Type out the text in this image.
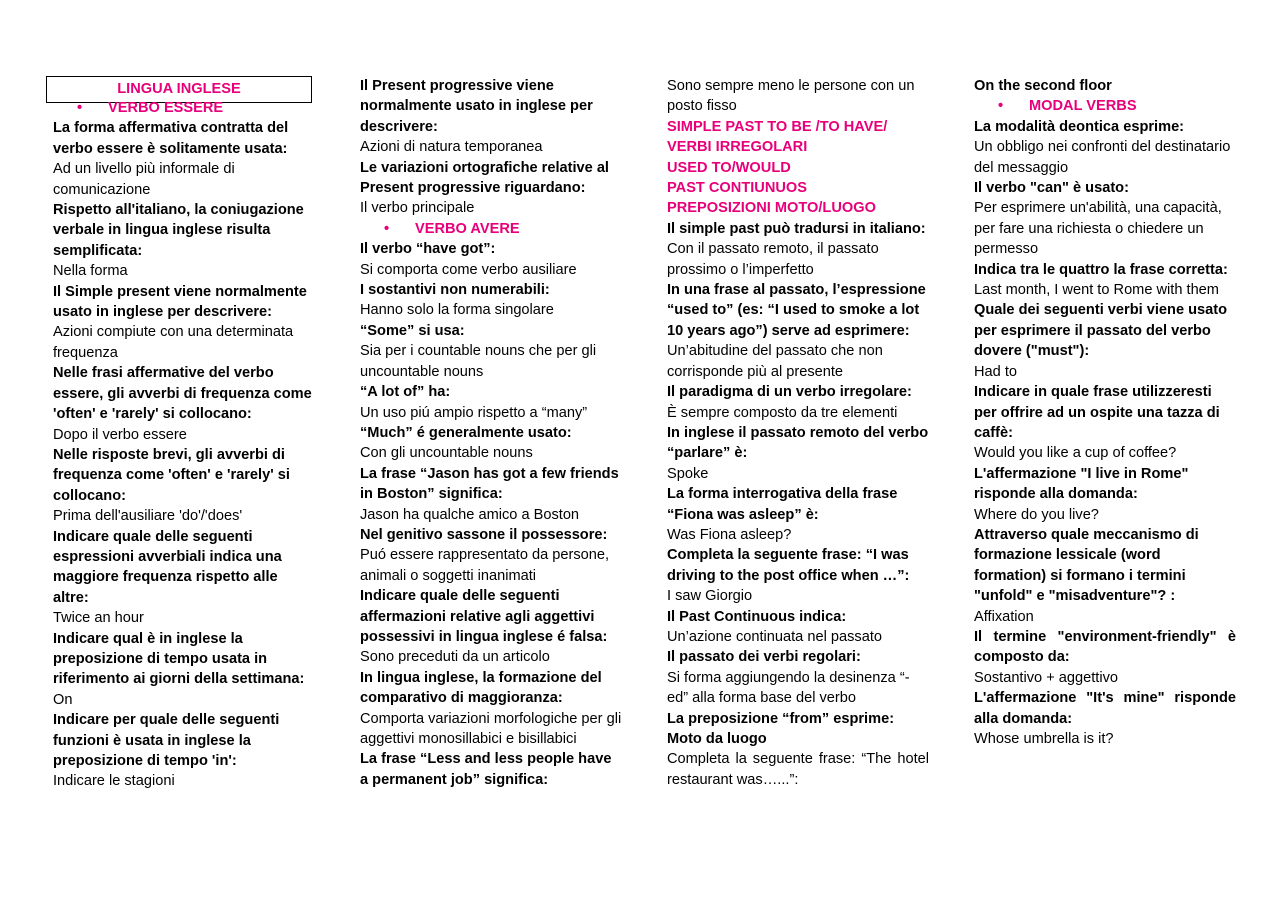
LINGUA INGLESE

• VERBO ESSERE

La forma affermativa contratta del verbo essere è solitamente usata:

Ad un livello più informale di comunicazione

Rispetto all'italiano, la coniugazione verbale in lingua inglese risulta semplificata:

Nella forma

Il Simple present viene normalmente usato in inglese per descrivere:

Azioni compiute con una determinata frequenza

Nelle frasi affermative del verbo essere, gli avverbi di frequenza come 'often' e 'rarely' si collocano:

Dopo il verbo essere

Nelle risposte brevi, gli avverbi di frequenza come 'often' e 'rarely' si collocano:

Prima dell'ausiliare 'do'/'does'

Indicare quale delle seguenti espressioni avverbiali indica una maggiore frequenza rispetto alle altre:

Twice an hour

Indicare qual è in inglese la preposizione di tempo usata in riferimento ai giorni della settimana:

On

Indicare per quale delle seguenti funzioni è usata in inglese la preposizione di tempo 'in':

Indicare le stagioni

Il Present progressive viene normalmente usato in inglese per descrivere:

Azioni di natura temporanea

Le variazioni ortografiche relative al Present progressive riguardano:

Il verbo principale

• VERBO AVERE

Il verbo “have got”:

Si comporta come verbo ausiliare

I sostantivi non numerabili:

Hanno solo la forma singolare

“Some” si usa:

Sia per i countable nouns che per gli uncountable nouns

“A lot of” ha:

Un uso piú ampio rispetto a “many”

“Much” é generalmente usato:

Con gli uncountable nouns

La frase “Jason has got a few friends in Boston” significa:

Jason ha qualche amico a Boston

Nel genitivo sassone il possessore:

Puó essere rappresentato da persone, animali o soggetti inanimati

Indicare quale delle seguenti affermazioni relative agli aggettivi possessivi in lingua inglese é falsa:

Sono preceduti da un articolo

In lingua inglese, la formazione del comparativo di maggioranza:

Comporta variazioni morfologiche per gli aggettivi monosillabici e bisillabici

La frase “Less and less people have a permanent job” significa:

Sono sempre meno le persone con un posto fisso

SIMPLE PAST TO BE /TO HAVE/

VERBI IRREGOLARI

USED TO/WOULD

PAST CONTIUNUOS

PREPOSIZIONI MOTO/LUOGO

Il simple past può tradursi in italiano:

Con il passato remoto, il passato prossimo o l’imperfetto

In una frase al passato, l’espressione “used to” (es: “I used to smoke a lot 10 years ago”) serve ad esprimere:

Un’abitudine del passato che non corrisponde più al presente

Il paradigma di un verbo irregolare:

È sempre composto da tre elementi

In inglese il passato remoto del verbo “parlare” è:

Spoke

La forma interrogativa della frase “Fiona was asleep” è:

Was Fiona asleep?

Completa la seguente frase: “I was driving to the post office when …”:

I saw Giorgio

Il Past Continuous indica:

Un’azione continuata nel passato

Il passato dei verbi regolari:

Si forma aggiungendo la desinenza “-ed” alla forma base del verbo

La preposizione “from” esprime:

Moto da luogo

Completa la seguente frase: “The hotel restaurant was…...”:

On the second floor

• MODAL VERBS

La modalità deontica esprime:

Un obbligo nei confronti del destinatario del messaggio

Il verbo "can" è usato:

Per esprimere un'abilità, una capacità, per fare una richiesta o chiedere un permesso

Indica tra le quattro la frase corretta:

Last month, I went to Rome with them

Quale dei seguenti verbi viene usato per esprimere il passato del verbo dovere ("must"):

Had to

Indicare in quale frase utilizzeresti per offrire ad un ospite una tazza di caffè:

Would you like a cup of coffee?

L'affermazione "I live in Rome" risponde alla domanda:

Where do you live?

Attraverso quale meccanismo di formazione lessicale (word formation) si formano i termini "unfold" e "misadventure"? :

Affixation

Il termine "environment-friendly" è composto da:

Sostantivo + aggettivo

L'affermazione "It's mine" risponde alla domanda:

Whose umbrella is it?
